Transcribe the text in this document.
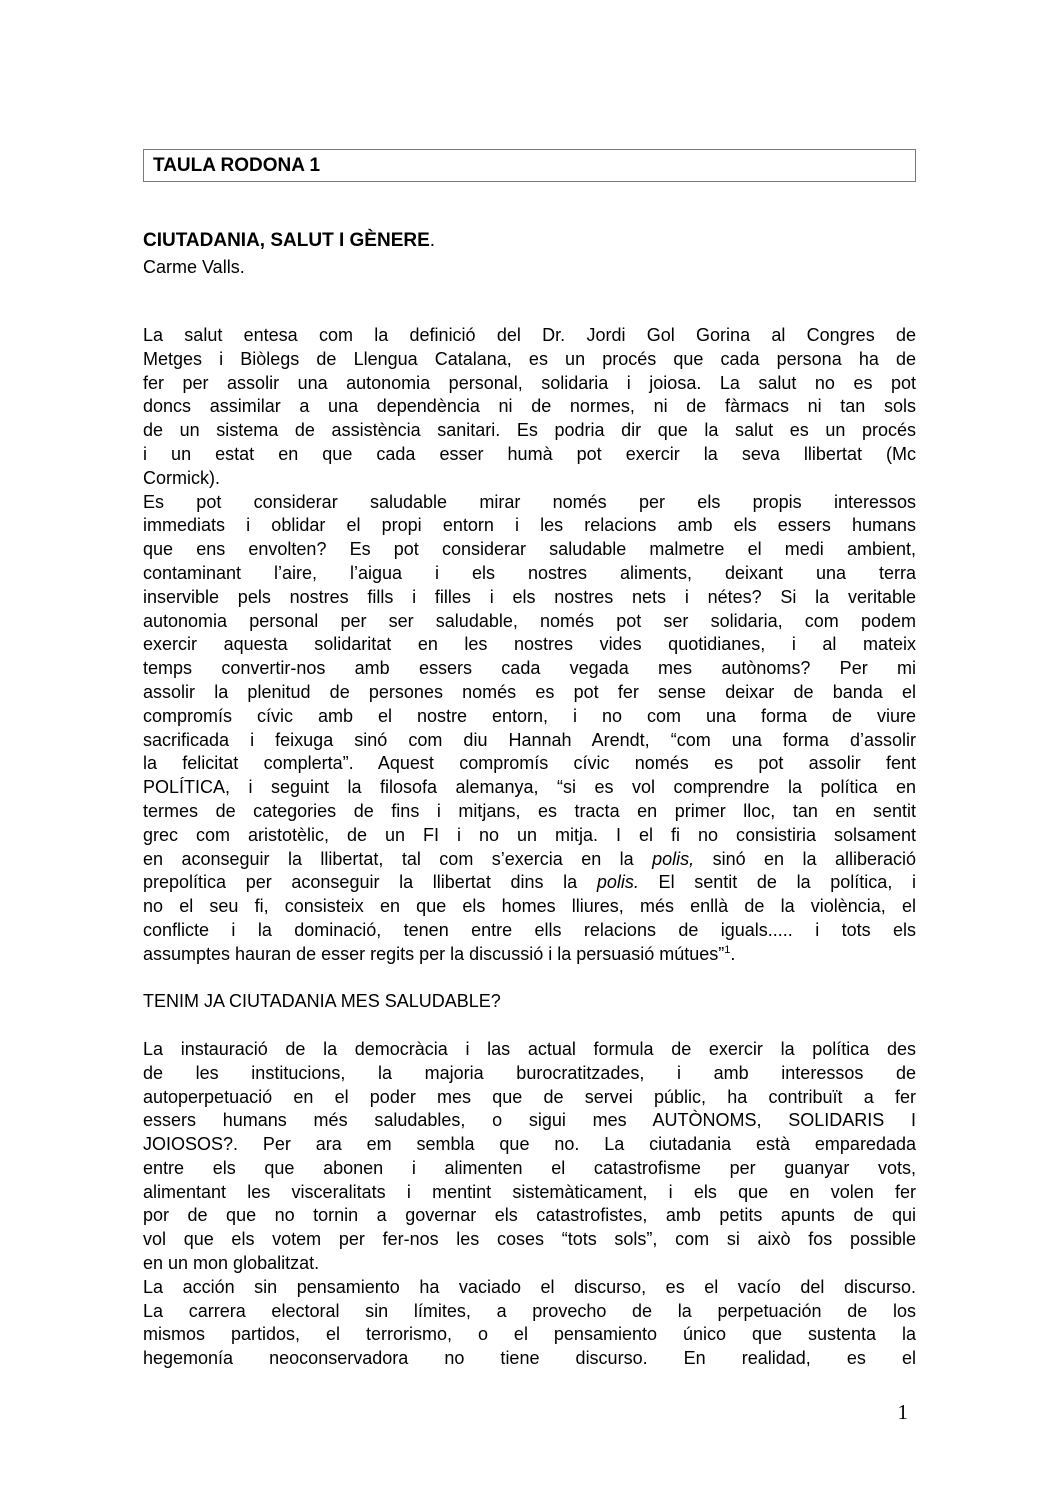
TAULA RODONA 1
CIUTADANIA, SALUT I GÈNERE.
Carme Valls.
La salut entesa com la definició del Dr. Jordi Gol Gorina al Congres de
Metges i Biòlegs de Llengua Catalana, es un procés que cada persona ha de
fer per assolir una autonomia personal, solidaria i joiosa. La salut no es pot
doncs assimilar a una dependència ni de normes, ni de fàrmacs ni tan sols
de un sistema de assistència sanitari. Es podria dir que la salut es un procés
i un estat en que cada esser humà pot exercir la seva llibertat (Mc
Cormick).
Es pot considerar saludable mirar només per els propis interessos
immediats i oblidar el propi entorn i les relacions amb els essers humans
que ens envolten? Es pot considerar saludable malmetre el medi ambient,
contaminant l’aire, l’aigua i els nostres aliments, deixant una terra
inservible pels nostres fills i filles i els nostres nets i nétes? Si la veritable
autonomia personal per ser saludable, només pot ser solidaria, com podem
exercir aquesta solidaritat en les nostres vides quotidianes, i al mateix
temps convertir-nos amb essers cada vegada mes autònoms? Per mi
assolir la plenitud de persones només es pot fer sense deixar de banda el
compromís cívic amb el nostre entorn, i no com una forma de viure
sacrificada i feixuga sinó com diu Hannah Arendt, “com una forma d’assolir
la felicitat complerta”. Aquest compromís cívic només es pot assolir fent
POLÍTICA, i seguint la filosofa alemanya, “si es vol comprendre la política en
termes de categories de fins i mitjans, es tracta en primer lloc, tan en sentit
grec com aristotèlic, de un FI i no un mitja. I el fi no consistiria solsament
en aconseguir la llibertat, tal com s’exercia en la polis, sinó en la alliberació
prepolítica per aconseguir la llibertat dins la polis. El sentit de la política, i
no el seu fi, consisteix en que els homes lliures, més enllà de la violència, el
conflicte i la dominació, tenen entre ells relacions de iguals..... i tots els
assumptes hauran de esser regits per la discussió i la persuasió mútues”$^1$.
TENIM JA CIUTADANIA MES SALUDABLE?
La instauració de la democràcia i las actual formula de exercir la política des
de les institucions, la majoria burocratitzades, i amb interessos de
autoperpetuació en el poder mes que de servei públic, ha contribuït a fer
essers humans més saludables, o sigui mes AUTÒNOMS, SOLIDARIS I
JOIOSOS?. Per ara em sembla que no. La ciutadania està emparedada
entre els que abonen i alimenten el catastrofisme per guanyar vots,
alimentant les visceralitats i mentint sistemàticament, i els que en volen fer
por de que no tornin a governar els catastrofistes, amb petits apunts de qui
vol que els votem per fer-nos les coses “tots sols”, com si això fos possible
en un mon globalitzat.
La acción sin pensamiento ha vaciado el discurso, es el vacío del discurso.
La carrera electoral sin límites, a provecho de la perpetuación de los
mismos partidos, el terrorismo, o el pensamiento único que sustenta la
hegemonía neoconservadora no tiene discurso. En realidad, es el
1
